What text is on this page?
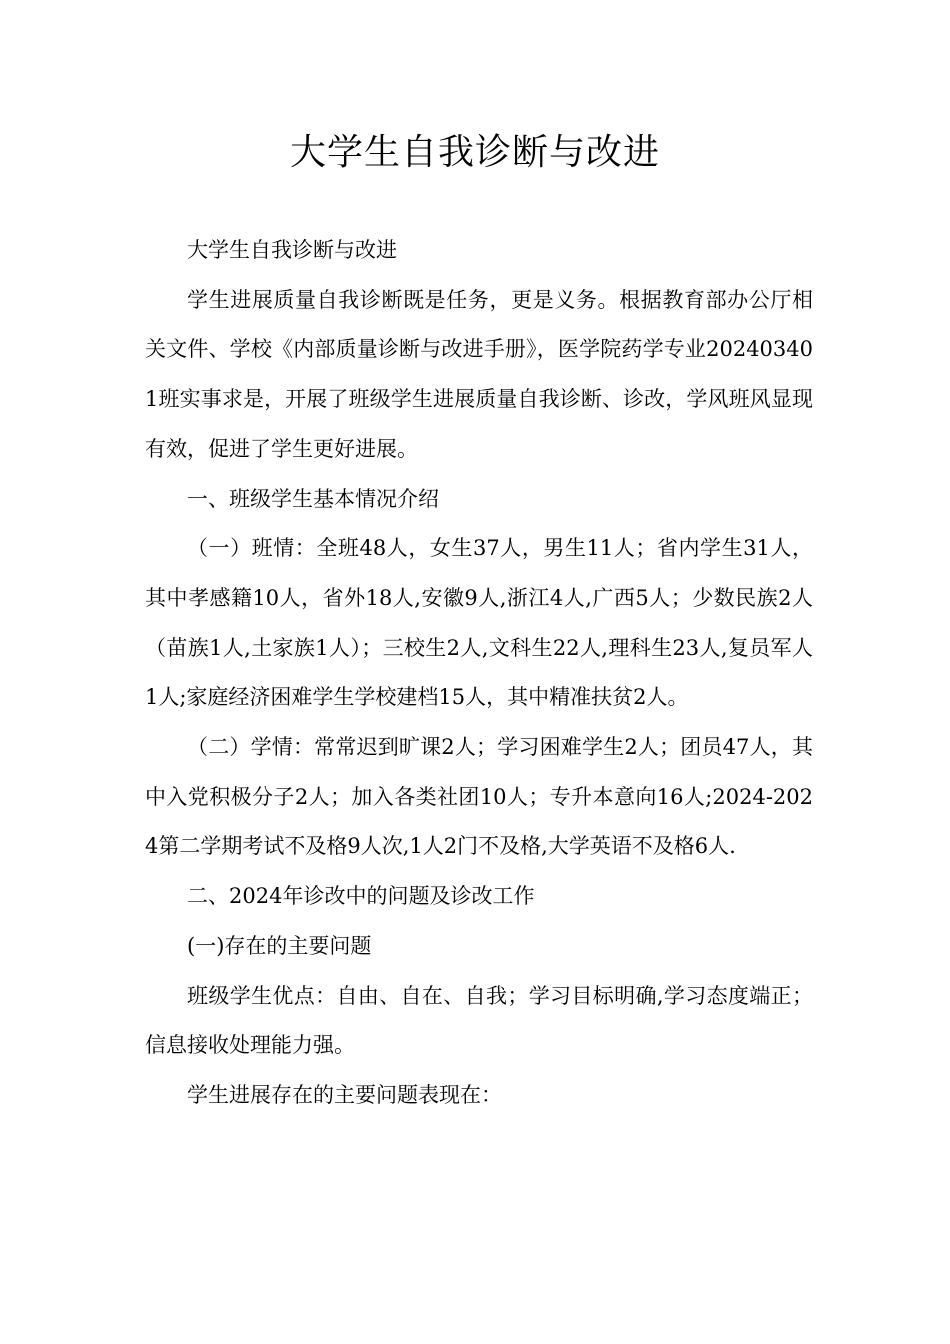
大学生自我诊断与改进

大学生自我诊断与改进

学生进展质量自我诊断既是任务，更是义务。根据教育部办公厅相关文件、学校《内部质量诊断与改进手册》，医学院药学专业202403401班实事求是，开展了班级学生进展质量自我诊断、诊改，学风班风显现有效，促进了学生更好进展。

一、班级学生基本情况介绍

（一）班情：全班48人，女生37人，男生11人；省内学生31人，其中孝感籍10人，省外18人,安徽9人,浙江4人,广西5人；少数民族2人（苗族1人,土家族1人）；三校生2人,文科生22人,理科生23人,复员军人1人;家庭经济困难学生学校建档15人，其中精准扶贫2人。

（二）学情：常常迟到旷课2人；学习困难学生2人；团员47人，其中入党积极分子2人；加入各类社团10人；专升本意向16人;2024-2024第二学期考试不及格9人次,1人2门不及格,大学英语不及格6人.

二、2024年诊改中的问题及诊改工作

(一)存在的主要问题

班级学生优点：自由、自在、自我；学习目标明确,学习态度端正；信息接收处理能力强。

学生进展存在的主要问题表现在：
